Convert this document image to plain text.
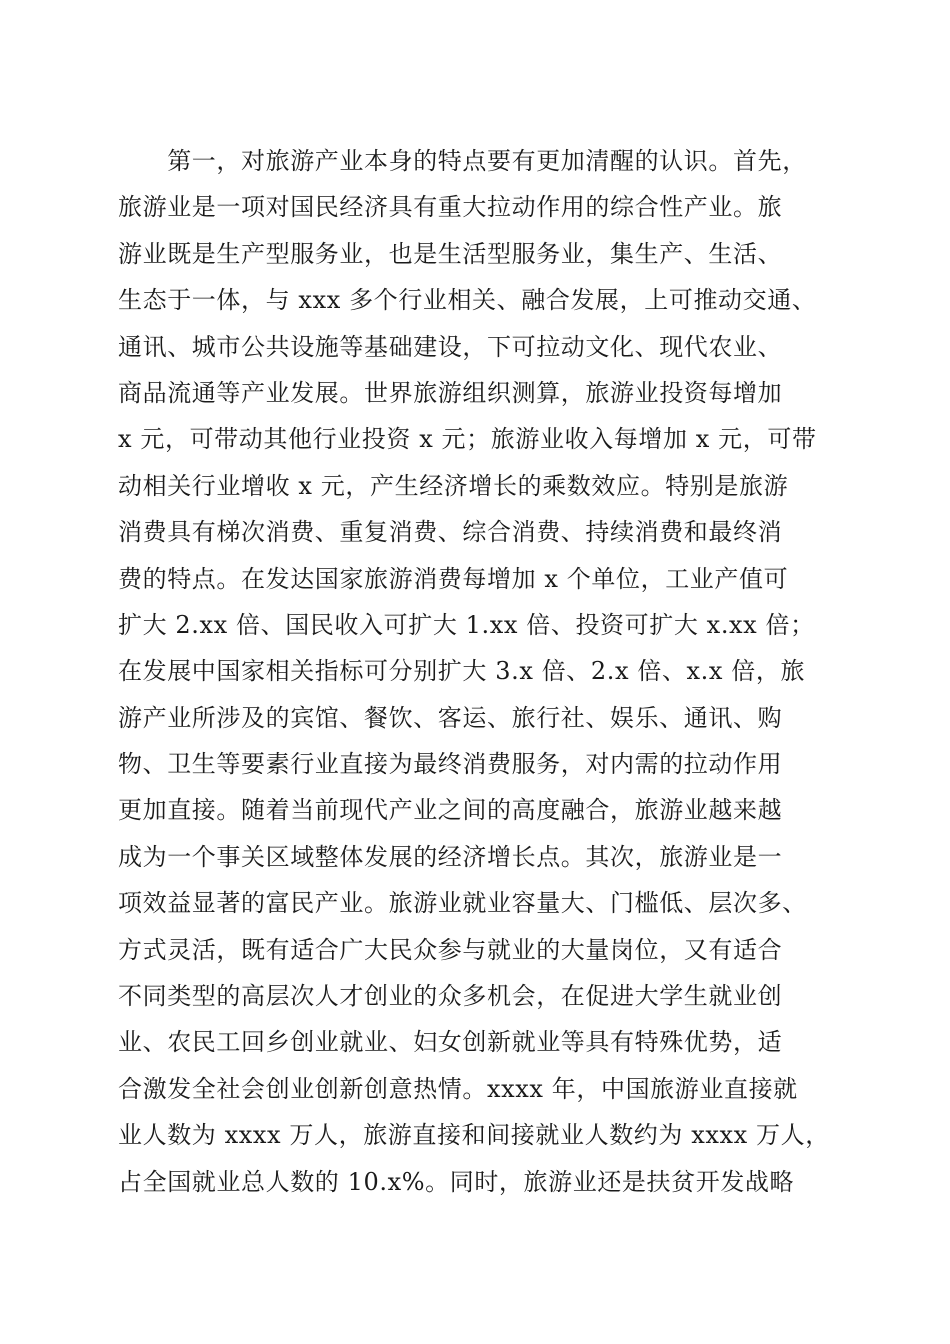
　　第一，对旅游产业本身的特点要有更加清醒的认识。首先，
旅游业是一项对国民经济具有重大拉动作用的综合性产业。旅
游业既是生产型服务业，也是生活型服务业，集生产、生活、
生态于一体，与 xxx 多个行业相关、融合发展，上可推动交通、
通讯、城市公共设施等基础建设，下可拉动文化、现代农业、
商品流通等产业发展。世界旅游组织测算，旅游业投资每增加
x 元，可带动其他行业投资 x 元；旅游业收入每增加 x 元，可带
动相关行业增收 x 元，产生经济增长的乘数效应。特别是旅游
消费具有梯次消费、重复消费、综合消费、持续消费和最终消
费的特点。在发达国家旅游消费每增加 x 个单位，工业产值可
扩大 2.xx 倍、国民收入可扩大 1.xx 倍、投资可扩大 x.xx 倍；
在发展中国家相关指标可分别扩大 3.x 倍、2.x 倍、x.x 倍，旅
游产业所涉及的宾馆、餐饮、客运、旅行社、娱乐、通讯、购
物、卫生等要素行业直接为最终消费服务，对内需的拉动作用
更加直接。随着当前现代产业之间的高度融合，旅游业越来越
成为一个事关区域整体发展的经济增长点。其次，旅游业是一
项效益显著的富民产业。旅游业就业容量大、门槛低、层次多、
方式灵活，既有适合广大民众参与就业的大量岗位，又有适合
不同类型的高层次人才创业的众多机会，在促进大学生就业创
业、农民工回乡创业就业、妇女创新就业等具有特殊优势，适
合激发全社会创业创新创意热情。xxxx 年，中国旅游业直接就
业人数为 xxxx 万人，旅游直接和间接就业人数约为 xxxx 万人，
占全国就业总人数的 10.x%。同时，旅游业还是扶贫开发战略
